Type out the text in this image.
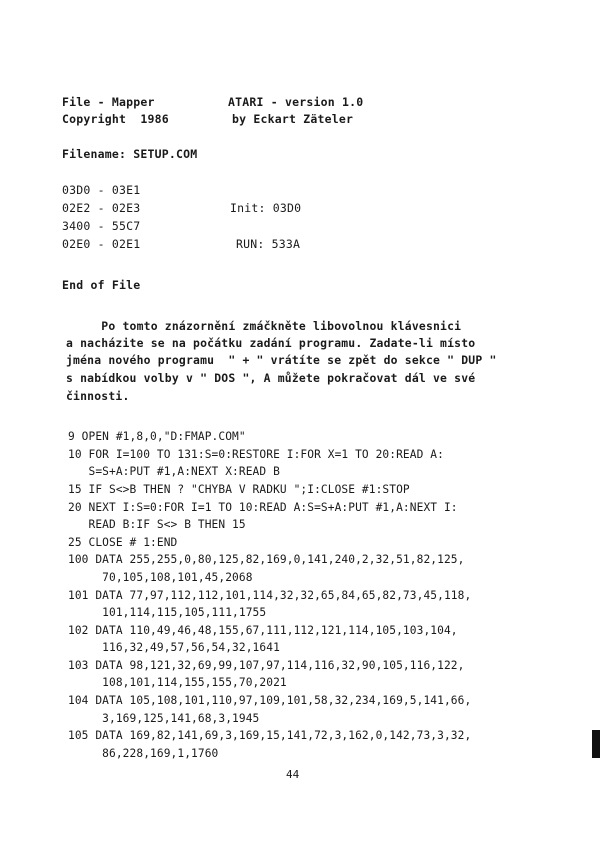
File - Mapper	ATARI - version 1.0
Copyright  1986	by Eckart Zäteler
Filename: SETUP.COM
03D0 - 03E1
02E2 - 02E3	Init: 03D0
3400 - 55C7
02E0 - 02E1	RUN: 533A
End of File
Po tomto znázornění zmáčkněte libovolnou klávesnici
a nacházite se na počátku zadání programu. Zadate-li místo
jména nového programu  " + " vrátíte se zpět do sekce " DUP "
s nabídkou volby v " DOS ", A můžete pokračovat dál ve své
činnosti.
9 OPEN #1,8,0,"D:FMAP.COM"
10 FOR I=100 TO 131:S=0:RESTORE I:FOR X=1 TO 20:READ A:
S=S+A:PUT #1,A:NEXT X:READ B
15 IF S<>B THEN ? "CHYBA V RADKU ";I:CLOSE #1:STOP
20 NEXT I:S=0:FOR I=1 TO 10:READ A:S=S+A:PUT #1,A:NEXT I:
READ B:IF S<> B THEN 15
25 CLOSE # 1:END
100 DATA 255,255,0,80,125,82,169,0,141,240,2,32,51,82,125,
70,105,108,101,45,2068
101 DATA 77,97,112,112,101,114,32,32,65,84,65,82,73,45,118,
101,114,115,105,111,1755
102 DATA 110,49,46,48,155,67,111,112,121,114,105,103,104,
116,32,49,57,56,54,32,1641
103 DATA 98,121,32,69,99,107,97,114,116,32,90,105,116,122,
108,101,114,155,155,70,2021
104 DATA 105,108,101,110,97,109,101,58,32,234,169,5,141,66,
3,169,125,141,68,3,1945
105 DATA 169,82,141,69,3,169,15,141,72,3,162,0,142,73,3,32,
86,228,169,1,1760
44
